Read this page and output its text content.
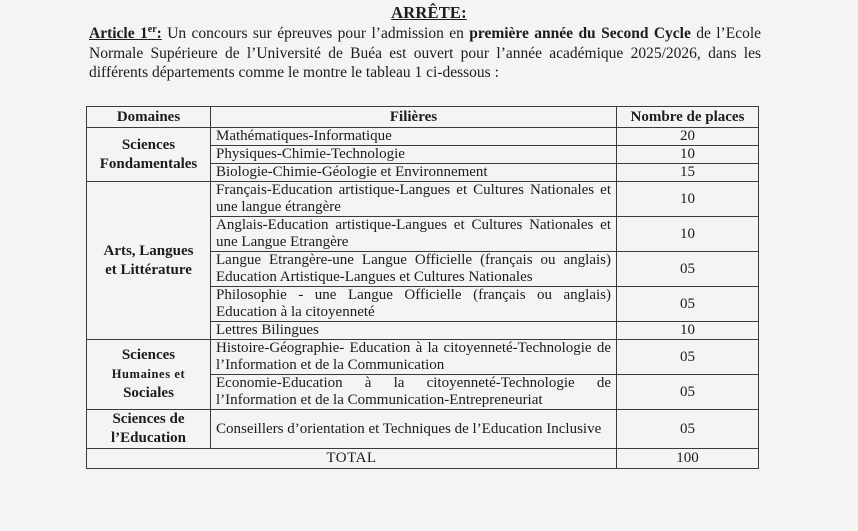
ARRÊTE:
Article 1er: Un concours sur épreuves pour l’admission en première année du Second Cycle de l’Ecole Normale Supérieure de l’Université de Buéa est ouvert pour l’année académique 2025/2026, dans les différents départements comme le montre le tableau 1 ci-dessous :
Domaines	Filières	Nombre de places
Sciences
Fondamentales	Mathématiques-Informatique	20
	Physiques-Chimie-Technologie	10
	Biologie-Chimie-Géologie et Environnement	15
Arts, Langues
et Littérature	Français-Education artistique-Langues et Cultures Nationales et une langue étrangère	10
	Anglais-Education artistique-Langues et Cultures Nationales et une Langue Etrangère	10
	Langue Etrangère-une Langue Officielle (français ou anglais) Education Artistique-Langues et Cultures Nationales	05
	Philosophie - une Langue Officielle (français ou anglais) Education à la citoyenneté	05
	Lettres Bilingues	10
Sciences
Humaines et
Sociales	Histoire-Géographie- Education à la citoyenneté-Technologie de l’Information et de la Communication	05
	Economie-Education à la citoyenneté-Technologie de l’Information et de la Communication-Entrepreneuriat	05
Sciences de
l’Education	Conseillers d’orientation et Techniques de l’Education Inclusive	05
TOTAL		100
